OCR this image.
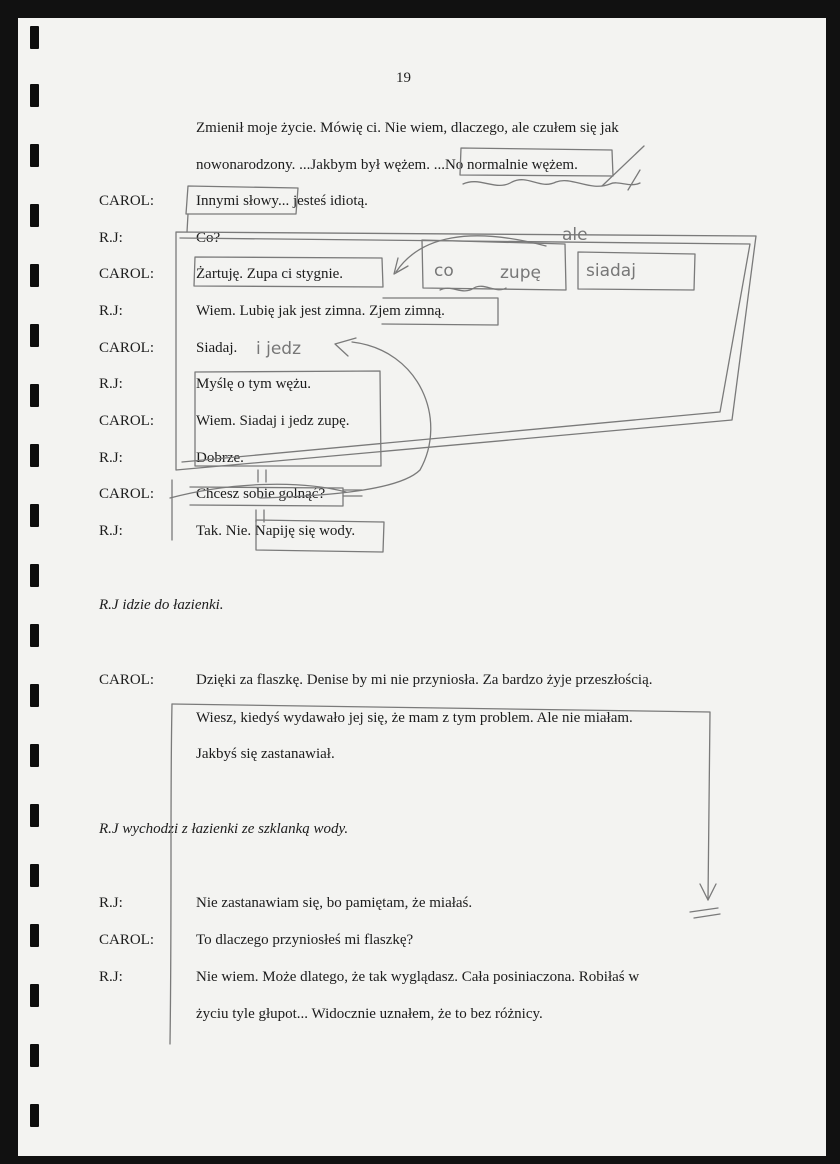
19
Zmienił moje życie. Mówię ci. Nie wiem, dlaczego, ale czułem się jak
nowonarodzony. ...Jakbym był wężem. ...No normalnie wężem.
CAROL:	Innymi słowy... jesteś idiotą.
R.J:	Co?
CAROL:	Żartuję. Zupa ci stygnie.
R.J:	Wiem. Lubię jak jest zimna. Zjem zimną.
CAROL:	Siadaj.
R.J:	Myślę o tym wężu.
CAROL:	Wiem. Siadaj i jedz zupę.
R.J:	Dobrze.
CAROL:	Chcesz sobie golnąć?
R.J:	Tak. Nie. Napiję się wody.
R.J idzie do łazienki.
CAROL:	Dzięki za flaszkę. Denise by mi nie przyniosła. Za bardzo żyje przeszłością.
Wiesz, kiedyś wydawało jej się, że mam z tym problem. Ale nie miałam.
Jakbyś się zastanawiał.
R.J wychodzi z łazienki ze szklanką wody.
R.J:	Nie zastanawiam się, bo pamiętam, że miałaś.
CAROL:	To dlaczego przyniosłeś mi flaszkę?
R.J:	Nie wiem. Może dlatego, że tak wyglądasz. Cała posiniaczona. Robiłaś w
życiu tyle głupot... Widocznie uznałem, że to bez różnicy.
co	zupę	siadaj
i jedz
ale
